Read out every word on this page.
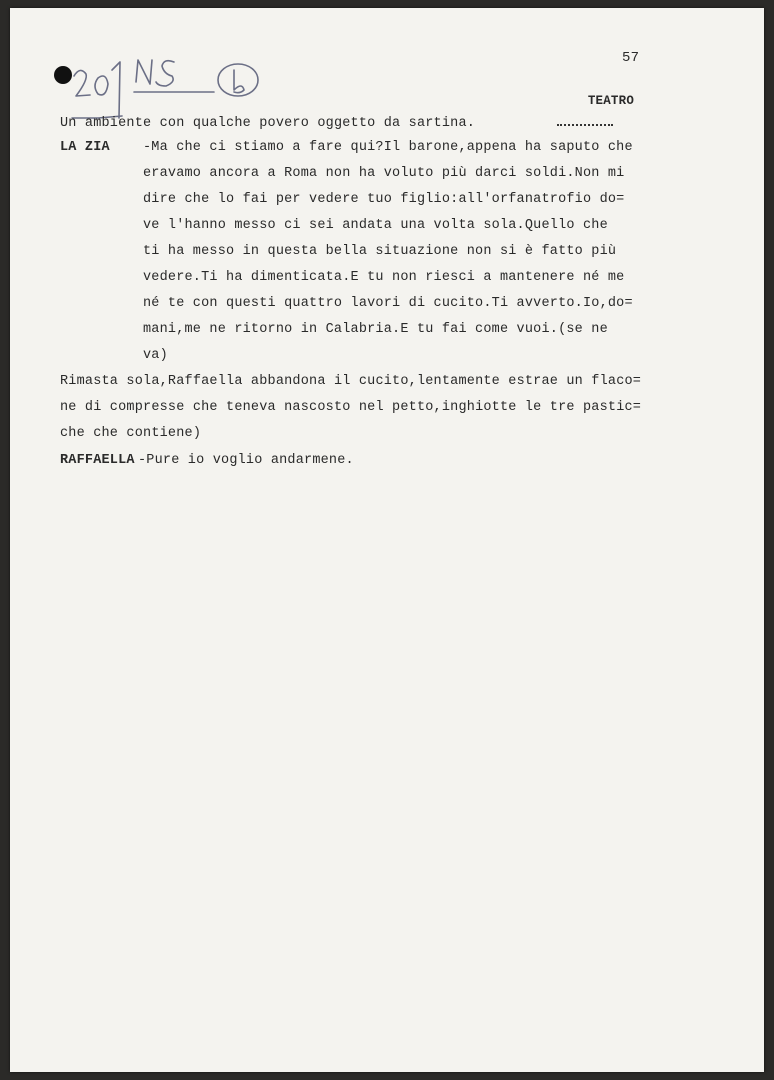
57

TEATRO

Un ambiente con qualche povero oggetto da sartina.

LA ZIA

-Ma che ci stiamo a fare qui?Il barone,appena ha saputo che

eravamo ancora a Roma non ha voluto più darci soldi.Non mi

dire che lo fai per vedere tuo figlio:all'orfanatrofio do=

ve l'hanno messo ci sei andata una volta sola.Quello che

ti ha messo in questa bella situazione non si è fatto più

vedere.Ti ha dimenticata.E tu non riesci a mantenere né me

né te con questi quattro lavori di cucito.Ti avverto.Io,do=

mani,me ne ritorno in Calabria.E tu fai come vuoi.(se ne

va)

Rimasta sola,Raffaella abbandona il cucito,lentamente estrae un flaco=

ne di compresse che teneva nascosto nel petto,inghiotte le tre pastic=

che che contiene)

RAFFAELLA

-Pure io voglio andarmene.
